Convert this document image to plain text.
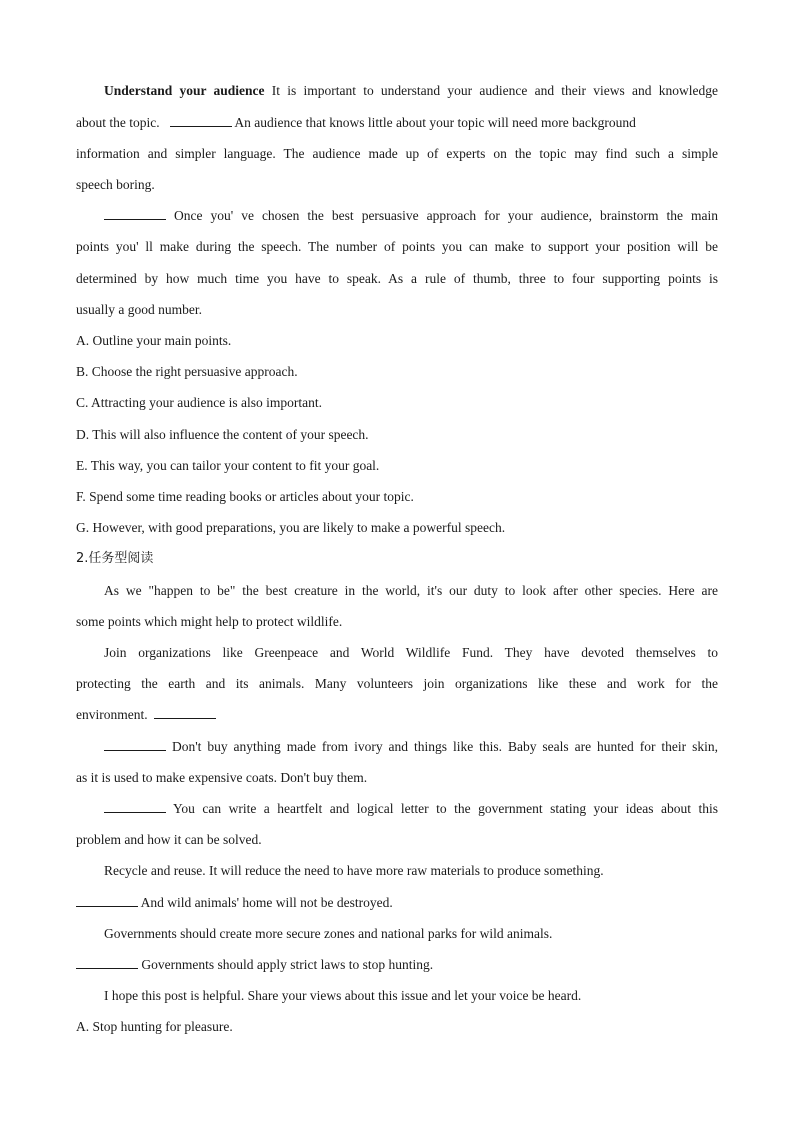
Understand your audience It is important to understand your audience and their views and knowledge
about the topic.	An audience that knows little about your topic will need more background
information and simpler language. The audience made up of experts on the topic may find such a simple
speech boring.
Once you' ve chosen the best persuasive approach for your audience, brainstorm the main
points you' ll make during the speech. The number of points you can make to support your position will be
determined by how much time you have to speak. As a rule of thumb, three to four supporting points is
usually a good number.
A. Outline your main points.
B. Choose the right persuasive approach.
C. Attracting your audience is also important.
D. This will also influence the content of your speech.
E. This way, you can tailor your content to fit your goal.
F. Spend some time reading books or articles about your topic.
G. However, with good preparations, you are likely to make a powerful speech.
2.任务型阅读
As we "happen to be" the best creature in the world, it's our duty to look after other species. Here are
some points which might help to protect wildlife.
Join organizations like Greenpeace and World Wildlife Fund. They have devoted themselves to
protecting the earth and its animals. Many volunteers join organizations like these and work for the
environment.
Don't buy anything made from ivory and things like this. Baby seals are hunted for their skin,
as it is used to make expensive coats. Don't buy them.
You can write a heartfelt and logical letter to the government stating your ideas about this
problem and how it can be solved.
Recycle and reuse. It will reduce the need to have more raw materials to produce something.
And wild animals' home will not be destroyed.
Governments should create more secure zones and national parks for wild animals.
Governments should apply strict laws to stop hunting.
I hope this post is helpful. Share your views about this issue and let your voice be heard.
A. Stop hunting for pleasure.
